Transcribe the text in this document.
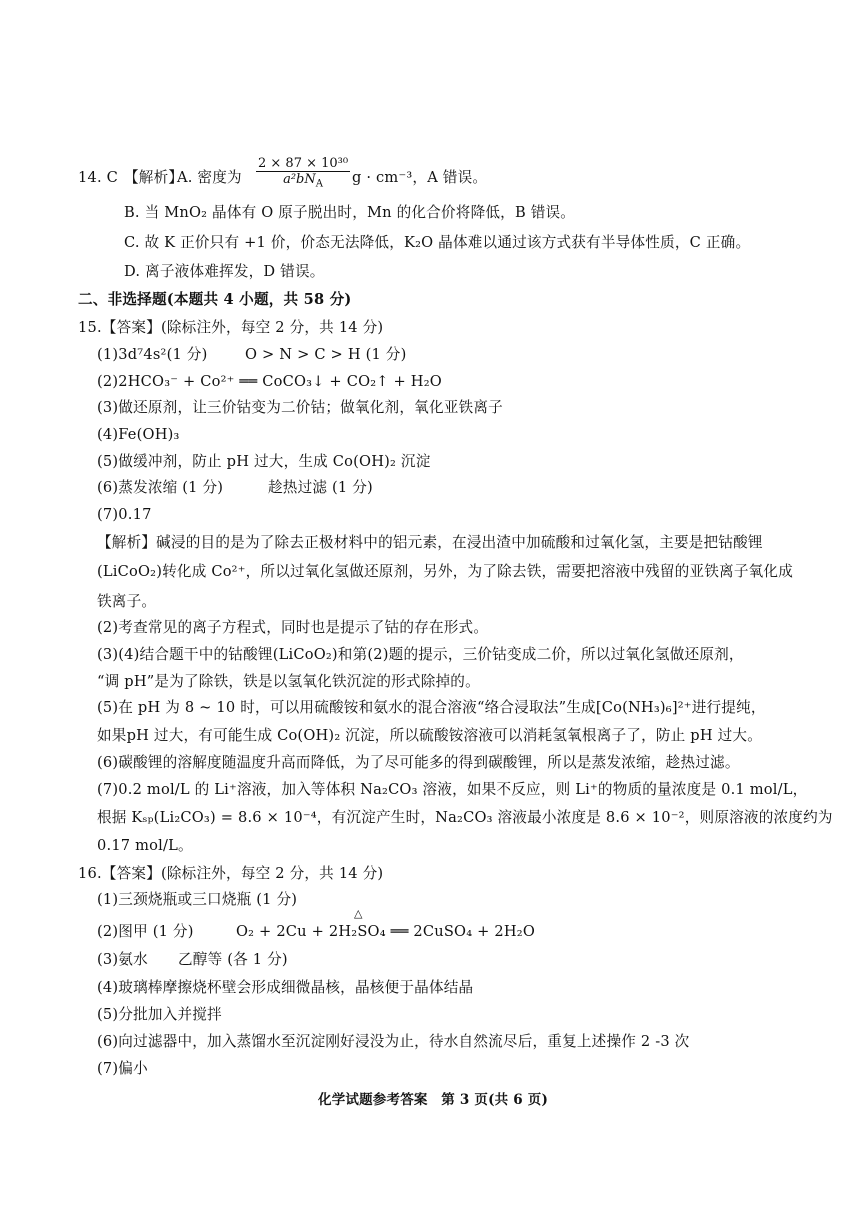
14. C 【解析】
A. 密度为
2 × 87 × 10³⁰
$a^2bN_A$	g · cm⁻³，A 错误。
B. 当 MnO₂ 晶体有 O 原子脱出时，Mn 的化合价将降低，B 错误。
C. 故 K 正价只有 +1 价，价态无法降低，K₂O 晶体难以通过该方式获有半导体性质，C 正确。
D. 离子液体难挥发，D 错误。
二、非选择题(本题共 4 小题，共 58 分)
15.【答案】(除标注外，每空 2 分，共 14 分)
(1)3d⁷4s²(1 分)	O > N > C > H (1 分)
(2)2HCO₃⁻ + Co²⁺ ══ CoCO₃↓ + CO₂↑ + H₂O
(3)做还原剂，让三价钴变为二价钴；做氧化剂，氧化亚铁离子
(4)Fe(OH)₃
(5)做缓冲剂，防止 pH 过大，生成 Co(OH)₂ 沉淀
(6)蒸发浓缩 (1 分)	趁热过滤 (1 分)
(7)0.17
【解析】碱浸的目的是为了除去正极材料中的铝元素，在浸出渣中加硫酸和过氧化氢，主要是把钴酸锂
(LiCoO₂)转化成 Co²⁺，所以过氧化氢做还原剂，另外，为了除去铁，需要把溶液中残留的亚铁离子氧化成
铁离子。
(2)考查常见的离子方程式，同时也是提示了钴的存在形式。
(3)(4)结合题干中的钴酸锂(LiCoO₂)和第(2)题的提示，三价钴变成二价，所以过氧化氢做还原剂，
“调 pH”是为了除铁，铁是以氢氧化铁沉淀的形式除掉的。
(5)在 pH 为 8 ~ 10 时，可以用硫酸铵和氨水的混合溶液“络合浸取法”生成[Co(NH₃)₆]²⁺进行提纯，
如果pH 过大，有可能生成 Co(OH)₂ 沉淀，所以硫酸铵溶液可以消耗氢氧根离子了，防止 pH 过大。
(6)碳酸锂的溶解度随温度升高而降低，为了尽可能多的得到碳酸锂，所以是蒸发浓缩，趁热过滤。
(7)0.2 mol/L 的 Li⁺溶液，加入等体积 Na₂CO₃ 溶液，如果不反应，则 Li⁺的物质的量浓度是 0.1 mol/L，
根据 Kₛₚ(Li₂CO₃) = 8.6 × 10⁻⁴，有沉淀产生时，Na₂CO₃ 溶液最小浓度是 8.6 × 10⁻²，则原溶液的浓度约为
0.17 mol/L。
16.【答案】(除标注外，每空 2 分，共 14 分)
(1)三颈烧瓶或三口烧瓶 (1 分)
(2)图甲 (1 分)
△
O₂ + 2Cu + 2H₂SO₄ ══ 2CuSO₄ + 2H₂O
(3)氨水 乙醇等 (各 1 分)
(4)玻璃棒摩擦烧杯壁会形成细微晶核，晶核便于晶体结晶
(5)分批加入并搅拌
(6)向过滤器中，加入蒸馏水至沉淀刚好浸没为止，待水自然流尽后，重复上述操作 2 -3 次
(7)偏小
化学试题参考答案　第 3 页(共 6 页)
